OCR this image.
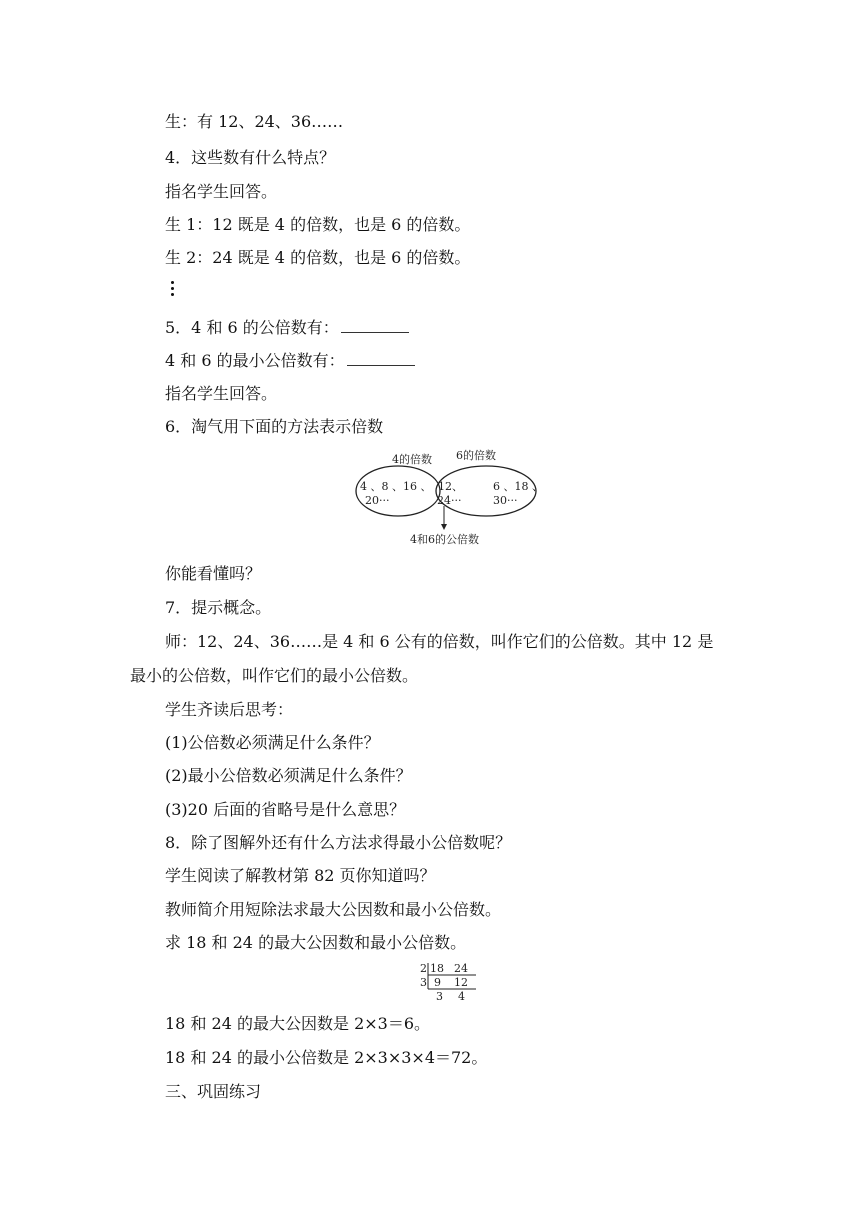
生：有 12、24、36……
4．这些数有什么特点？
指名学生回答。
生 1：12 既是 4 的倍数，也是 6 的倍数。
生 2：24 既是 4 的倍数，也是 6 的倍数。
5．4 和 6 的公倍数有：
4 和 6 的最小公倍数有：
指名学生回答。
6．淘气用下面的方法表示倍数
4的倍数 6的倍数
4 、8 、16 、
20···
12、
24···
6 、18 、
30···
4和6的公倍数
你能看懂吗？
7．提示概念。
师：12、24、36……是 4 和 6 公有的倍数，叫作它们的公倍数。其中 12 是
最小的公倍数，叫作它们的最小公倍数。
学生齐读后思考：
(1)公倍数必须满足什么条件？
(2)最小公倍数必须满足什么条件？
(3)20 后面的省略号是什么意思？
8．除了图解外还有什么方法求得最小公倍数呢？
学生阅读了解教材第 82 页你知道吗？
教师简介用短除法求最大公因数和最小公倍数。
求 18 和 24 的最大公因数和最小公倍数。
2
3
18 24
9 12
3 4
18 和 24 的最大公因数是 2×3＝6。
18 和 24 的最小公倍数是 2×3×3×4＝72。
三、巩固练习
